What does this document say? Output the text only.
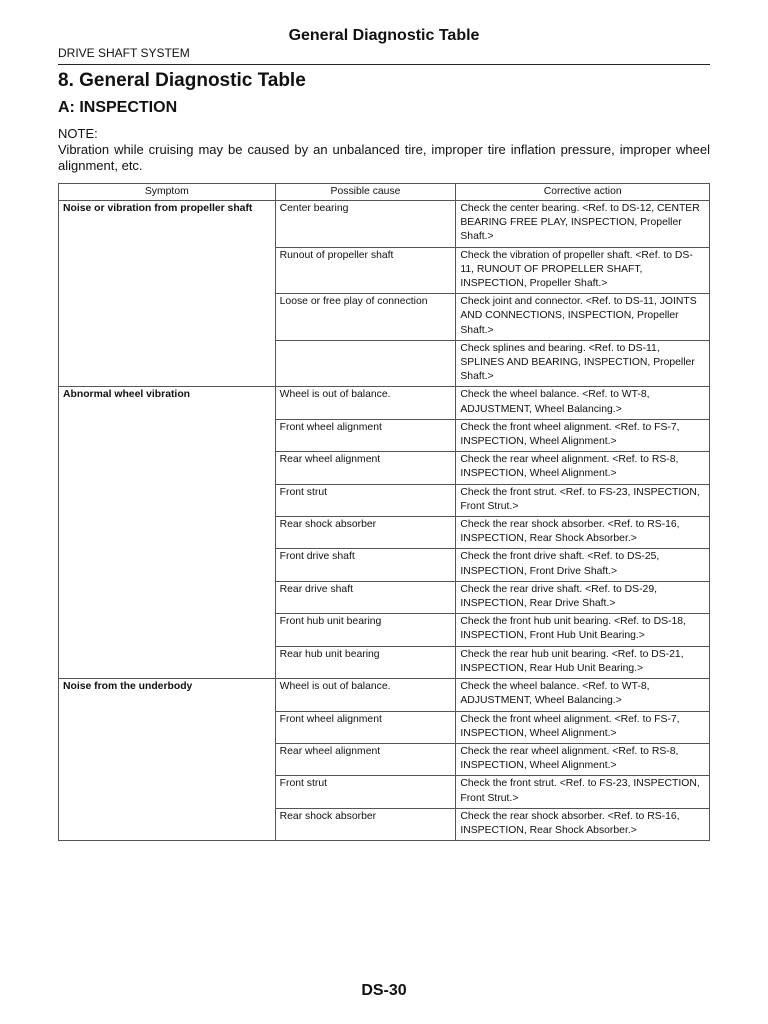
General Diagnostic Table
DRIVE SHAFT SYSTEM
8. General Diagnostic Table
A: INSPECTION
NOTE:
Vibration while cruising may be caused by an unbalanced tire, improper tire inflation pressure, improper wheel alignment, etc.
Symptom	Possible cause	Corrective action
Noise or vibration from propeller shaft	Center bearing	Check the center bearing. <Ref. to DS-12, CENTER BEARING FREE PLAY, INSPECTION, Propeller Shaft.>
	Runout of propeller shaft	Check the vibration of propeller shaft. <Ref. to DS-11, RUNOUT OF PROPELLER SHAFT, INSPECTION, Propeller Shaft.>
	Loose or free play of connection	Check joint and connector. <Ref. to DS-11, JOINTS AND CONNECTIONS, INSPECTION, Propeller Shaft.>
		Check splines and bearing. <Ref. to DS-11, SPLINES AND BEARING, INSPECTION, Propeller Shaft.>
Abnormal wheel vibration	Wheel is out of balance.	Check the wheel balance. <Ref. to WT-8, ADJUSTMENT, Wheel Balancing.>
	Front wheel alignment	Check the front wheel alignment. <Ref. to FS-7, INSPECTION, Wheel Alignment.>
	Rear wheel alignment	Check the rear wheel alignment. <Ref. to RS-8, INSPECTION, Wheel Alignment.>
	Front strut	Check the front strut. <Ref. to FS-23, INSPECTION, Front Strut.>
	Rear shock absorber	Check the rear shock absorber. <Ref. to RS-16, INSPECTION, Rear Shock Absorber.>
	Front drive shaft	Check the front drive shaft. <Ref. to DS-25, INSPECTION, Front Drive Shaft.>
	Rear drive shaft	Check the rear drive shaft. <Ref. to DS-29, INSPECTION, Rear Drive Shaft.>
	Front hub unit bearing	Check the front hub unit bearing. <Ref. to DS-18, INSPECTION, Front Hub Unit Bearing.>
	Rear hub unit bearing	Check the rear hub unit bearing. <Ref. to DS-21, INSPECTION, Rear Hub Unit Bearing.>
Noise from the underbody	Wheel is out of balance.	Check the wheel balance. <Ref. to WT-8, ADJUSTMENT, Wheel Balancing.>
	Front wheel alignment	Check the front wheel alignment. <Ref. to FS-7, INSPECTION, Wheel Alignment.>
	Rear wheel alignment	Check the rear wheel alignment. <Ref. to RS-8, INSPECTION, Wheel Alignment.>
	Front strut	Check the front strut. <Ref. to FS-23, INSPECTION, Front Strut.>
	Rear shock absorber	Check the rear shock absorber. <Ref. to RS-16, INSPECTION, Rear Shock Absorber.>
DS-30
